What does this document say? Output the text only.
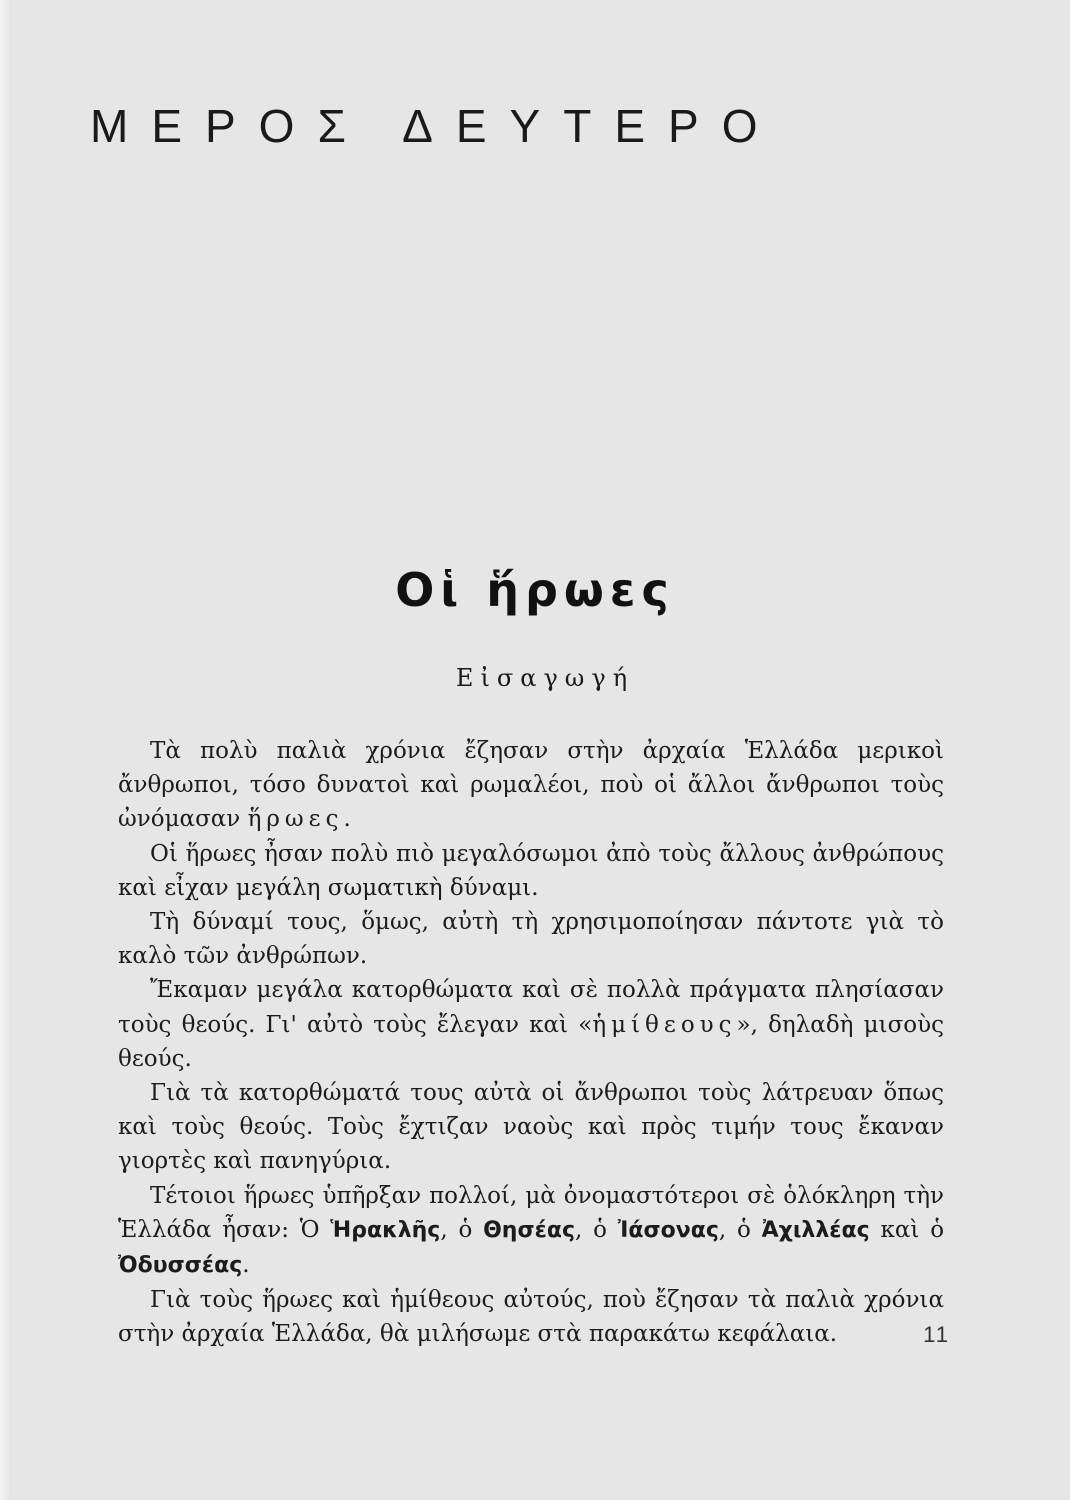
ΜΕΡΟΣ ΔΕΥΤΕΡΟ
Οἱ ἥρωες
Εἰσαγωγή

Τὰ πολὺ παλιὰ χρόνια ἔζησαν στὴν ἀρχαία Ἑλλάδα μερικοὶ ἄνθρωποι, τόσο δυνατοὶ καὶ ρωμαλέοι, ποὺ οἱ ἄλλοι ἄνθρωποι τοὺς ὠνόμασαν ἥρωες.

Οἱ ἥρωες ἦσαν πολὺ πιὸ μεγαλόσωμοι ἀπὸ τοὺς ἄλλους ἀνθρώπους καὶ εἶχαν μεγάλη σωματικὴ δύναμι.

Τὴ δύναμί τους, ὅμως, αὐτὴ τὴ χρησιμοποίησαν πάντοτε γιὰ τὸ καλὸ τῶν ἀνθρώπων.

Ἔκαμαν μεγάλα κατορθώματα καὶ σὲ πολλὰ πράγματα πλησίασαν τοὺς θεούς. Γι' αὐτὸ τοὺς ἔλεγαν καὶ «ἡμίθεους», δηλαδὴ μισοὺς θεούς.

Γιὰ τὰ κατορθώματά τους αὐτὰ οἱ ἄνθρωποι τοὺς λάτρευαν ὅπως καὶ τοὺς θεούς. Τοὺς ἔχτιζαν ναοὺς καὶ πρὸς τιμήν τους ἔκαναν γιορτὲς καὶ πανηγύρια.

Τέτοιοι ἥρωες ὑπῆρξαν πολλοί, μὰ ὀνομαστότεροι σὲ ὁλόκληρη τὴν Ἑλλάδα ἦσαν: Ὁ Ἡρακλῆς, ὁ Θησέας, ὁ Ἰάσονας, ὁ Ἀχιλλέας καὶ ὁ Ὀδυσσέας.

Γιὰ τοὺς ἥρωες καὶ ἡμίθεους αὐτούς, ποὺ ἔζησαν τὰ παλιὰ χρόνια στὴν ἀρχαία Ἑλλάδα, θὰ μιλήσωμε στὰ παρακάτω κεφάλαια.	11
